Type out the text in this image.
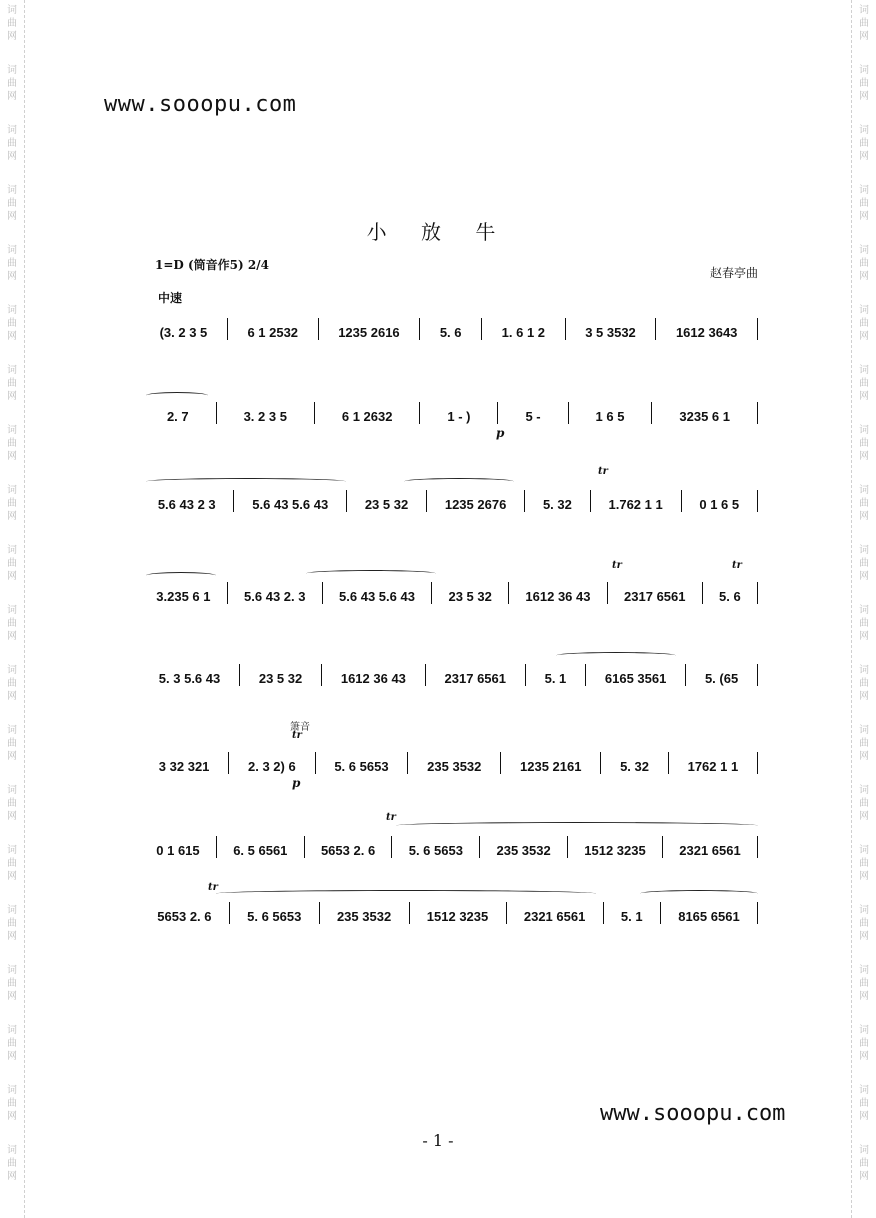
词
曲
网
词
曲
网
词
曲
网
词
曲
网
词
曲
网
词
曲
网
词
曲
网
词
曲
网
词
曲
网
词
曲
网
词
曲
网
词
曲
网
词
曲
网
词
曲
网
词
曲
网
词
曲
网
词
曲
网
词
曲
网
词
曲
网
词
曲
网
词
曲
网
词
曲
网
词
曲
网
词
曲
网
词
曲
网
词
曲
网
词
曲
网
词
曲
网
词
曲
网
词
曲
网
词
曲
网
词
曲
网
词
曲
网
词
曲
网
词
曲
网
词
曲
网
词
曲
网
词
曲
网
词
曲
网
词
曲
网
www.sooopu.com
小 放 牛
1=D (筒音作5) 2/4
赵春亭曲
中速
(3. 2 3 5	6 1 2532	1235 2616	5. 6	1. 6 1 2	3 5 3532	1612 3643
2. 7	3. 2 3 5	6 1 2632	1 - )	5 -	1 6 5	3235 6 1
p
tr
5.6 43 2 3	5.6 43 5.6 43	23 5 32	1235 2676	5. 32	1.762 1 1	0 1 6 5
tr	tr
3.235 6 1	5.6 43 2. 3	5.6 43 5.6 43	23 5 32	1612 36 43	2317 6561	5. 6
5. 3 5.6 43	23 5 32	1612 36 43	2317 6561	5. 1	6165 3561	5. (65
箫音
tr
3 32 321	2. 3 2) 6	5. 6 5653	235 3532	1235 2161	5. 32	1762 1 1
p
tr
0 1 615	6. 5 6561	5653 2. 6	5. 6 5653	235 3532	1512 3235	2321 6561
tr
5653 2. 6	5. 6 5653	235 3532	1512 3235	2321 6561	5. 1	8165 6561
www.sooopu.com
- 1 -
